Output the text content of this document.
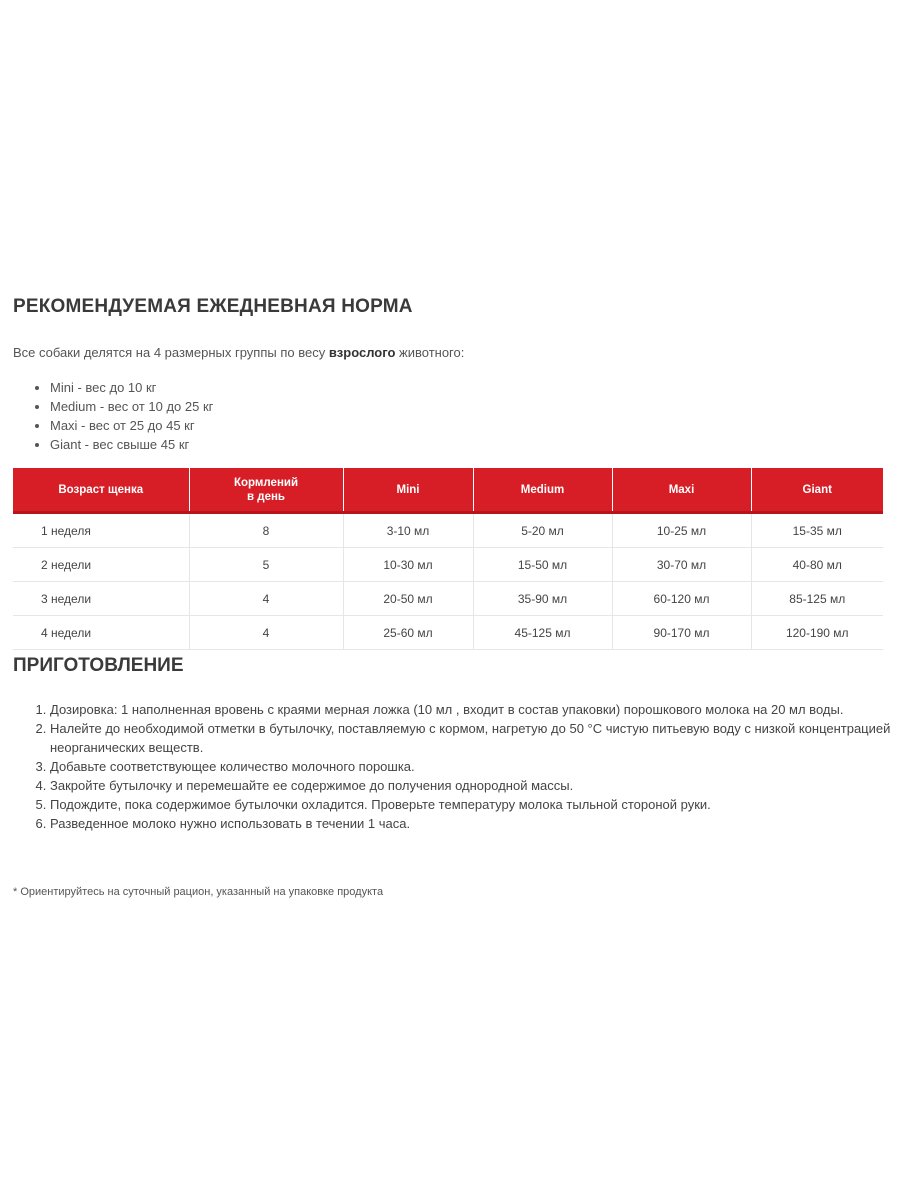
РЕКОМЕНДУЕМАЯ ЕЖЕДНЕВНАЯ НОРМА

Все собаки делятся на 4 размерных группы по весу взрослого животного:

• Mini - вес до 10 кг
• Medium - вес от 10 до 25 кг
• Maxi - вес от 25 до 45 кг
• Giant - вес свыше 45 кг
Возраст щенка	Кормлений
в день	Mini	Medium	Maxi	Giant
1 неделя	8	3-10 мл	5-20 мл	10-25 мл	15-35 мл
2 недели	5	10-30 мл	15-50 мл	30-70 мл	40-80 мл
3 недели	4	20-50 мл	35-90 мл	60-120 мл	85-125 мл
4 недели	4	25-60 мл	45-125 мл	90-170 мл	120-190 мл
ПРИГОТОВЛЕНИЕ
1. Дозировка: 1 наполненная вровень с краями мерная ложка (10 мл , входит в состав упаковки) порошкового молока на 20 мл воды.
2. Налейте до необходимой отметки в бутылочку, поставляемую с кормом, нагретую до 50 °С чистую питьевую воду с низкой концентрацией неорганических веществ.
3. Добавьте соответствующее количество молочного порошка.
4. Закройте бутылочку и перемешайте ее содержимое до получения однородной массы.
5. Подождите, пока содержимое бутылочки охладится. Проверьте температуру молока тыльной стороной руки.
6. Разведенное молоко нужно использовать в течении 1 часа.

* Ориентируйтесь на суточный рацион, указанный на упаковке продукта
